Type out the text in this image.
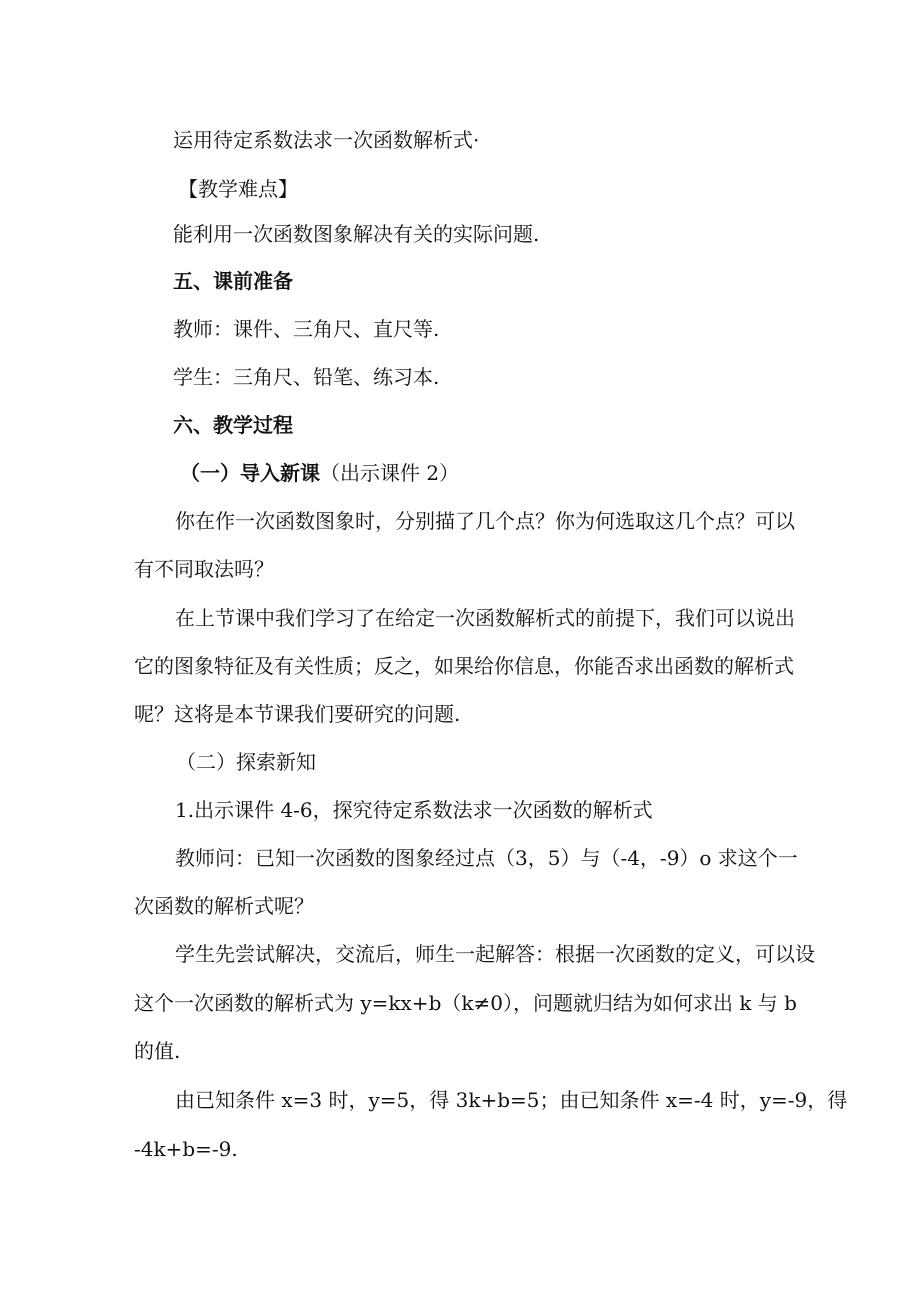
运用待定系数法求一次函数解析式·

【教学难点】

能利用一次函数图象解决有关的实际问题.

五、课前准备

教师：课件、三角尺、直尺等.

学生：三角尺、铅笔、练习本.

六、教学过程

（一）导入新课（出示课件 2）

你在作一次函数图象时，分别描了几个点？你为何选取这几个点？可以

有不同取法吗？

在上节课中我们学习了在给定一次函数解析式的前提下，我们可以说出

它的图象特征及有关性质；反之，如果给你信息，你能否求出函数的解析式

呢？这将是本节课我们要研究的问题.

（二）探索新知

1.出示课件 4-6，探究待定系数法求一次函数的解析式

教师问：已知一次函数的图象经过点（3，5）与（-4，-9）o 求这个一

次函数的解析式呢？

学生先尝试解决，交流后，师生一起解答：根据一次函数的定义，可以设

这个一次函数的解析式为 y=kx+b（k≠0），问题就归结为如何求出 k 与 b

的值.

由已知条件 x=3 时，y=5，得 3k+b=5；由已知条件 x=-4 时，y=-9，得

-4k+b=-9.
